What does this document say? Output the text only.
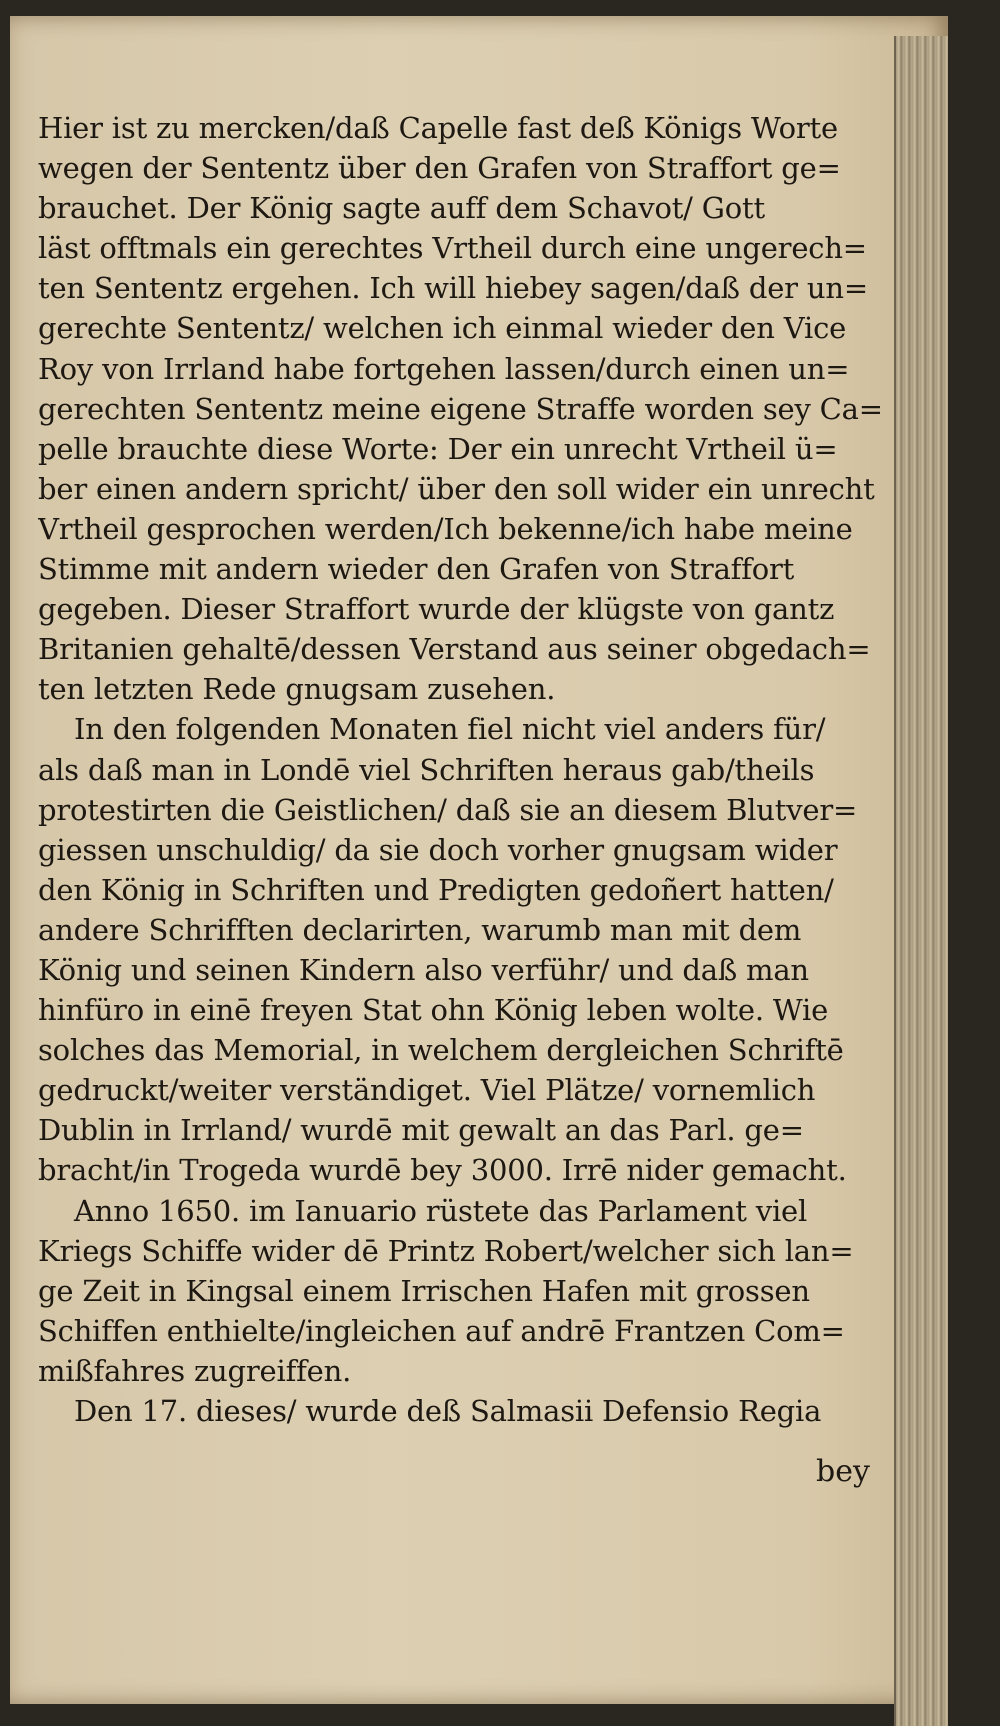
Hier ist zu mercken/daß Capelle fast deß Königs Worte
wegen der Sententz über den Grafen von Straffort ge=
brauchet. Der König sagte auff dem Schavot/ Gott
läst offtmals ein gerechtes Vrtheil durch eine ungerech=
ten Sententz ergehen. Ich will hiebey sagen/daß der un=
gerechte Sententz/ welchen ich einmal wieder den Vice
Roy von Irrland habe fortgehen lassen/durch einen un=
gerechten Sententz meine eigene Straffe worden sey Ca=
pelle brauchte diese Worte: Der ein unrecht Vrtheil ü=
ber einen andern spricht/ über den soll wider ein unrecht
Vrtheil gesprochen werden/Ich bekenne/ich habe meine
Stimme mit andern wieder den Grafen von Straffort
gegeben. Dieser Straffort wurde der klügste von gantz
Britanien gehaltē/dessen Verstand aus seiner obgedach=
ten letzten Rede gnugsam zusehen.
In den folgenden Monaten fiel nicht viel anders für/
als daß man in Londē viel Schriften heraus gab/theils
protestirten die Geistlichen/ daß sie an diesem Blutver=
giessen unschuldig/ da sie doch vorher gnugsam wider
den König in Schriften und Predigten gedoñert hatten/
andere Schrifften declarirten, warumb man mit dem
König und seinen Kindern also verführ/ und daß man
hinfüro in einē freyen Stat ohn König leben wolte. Wie
solches das Memorial, in welchem dergleichen Schriftē
gedruckt/weiter verständiget. Viel Plätze/ vornemlich
Dublin in Irrland/ wurdē mit gewalt an das Parl. ge=
bracht/in Trogeda wurdē bey 3000. Irrē nider gemacht.
Anno 1650. im Ianuario rüstete das Parlament viel
Kriegs Schiffe wider dē Printz Robert/welcher sich lan=
ge Zeit in Kingsal einem Irrischen Hafen mit grossen
Schiffen enthielte/ingleichen auf andrē Frantzen Com=
mißfahres zugreiffen.
Den 17. dieses/ wurde deß Salmasii Defensio Regia
bey
